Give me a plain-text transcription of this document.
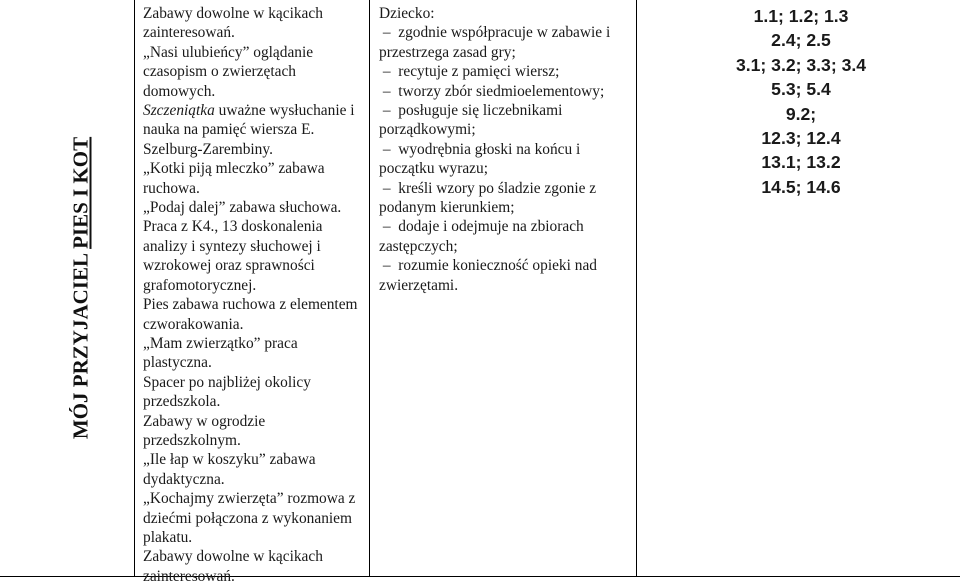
MÓJ PRZYJACIEL PIES I KOT

Zabawy dowolne w kącikach zainteresowań.

„Nasi ulubieńcy” oglądanie czasopism o zwierzętach domowych.

Szczeniątka uważne wysłuchanie i nauka na pamięć wiersza E. Szelburg-Zarembiny.

„Kotki piją mleczko” zabawa ruchowa.

„Podaj dalej” zabawa słuchowa.

Praca z K4., 13 doskonalenia analizy i syntezy słuchowej i wzrokowej oraz sprawności grafomotorycznej.

Pies zabawa ruchowa z elementem czworakowania.

„Mam zwierzątko” praca plastyczna.

Spacer po najbliżej okolicy przedszkola.

Zabawy w ogrodzie przedszkolnym.

„Ile łap w koszyku” zabawa dydaktyczna.

„Kochajmy zwierzęta” rozmowa z dziećmi połączona z wykonaniem plakatu.

Zabawy dowolne w kącikach zainteresowań.

Dziecko:

–  zgodnie współpracuje w zabawie i przestrzega zasad gry;

–  recytuje z pamięci wiersz;

–  tworzy zbór siedmioelementowy;

–  posługuje się liczebnikami porządkowymi;

–  wyodrębnia głoski na końcu i początku wyrazu;

–  kreśli wzory po śladzie zgonie z podanym kierunkiem;

–  dodaje i odejmuje na zbiorach zastępczych;

–  rozumie konieczność opieki nad zwierzętami.

1.1; 1.2; 1.3
2.4; 2.5
3.1; 3.2; 3.3; 3.4
5.3; 5.4
9.2;
12.3; 12.4
13.1; 13.2
14.5; 14.6
